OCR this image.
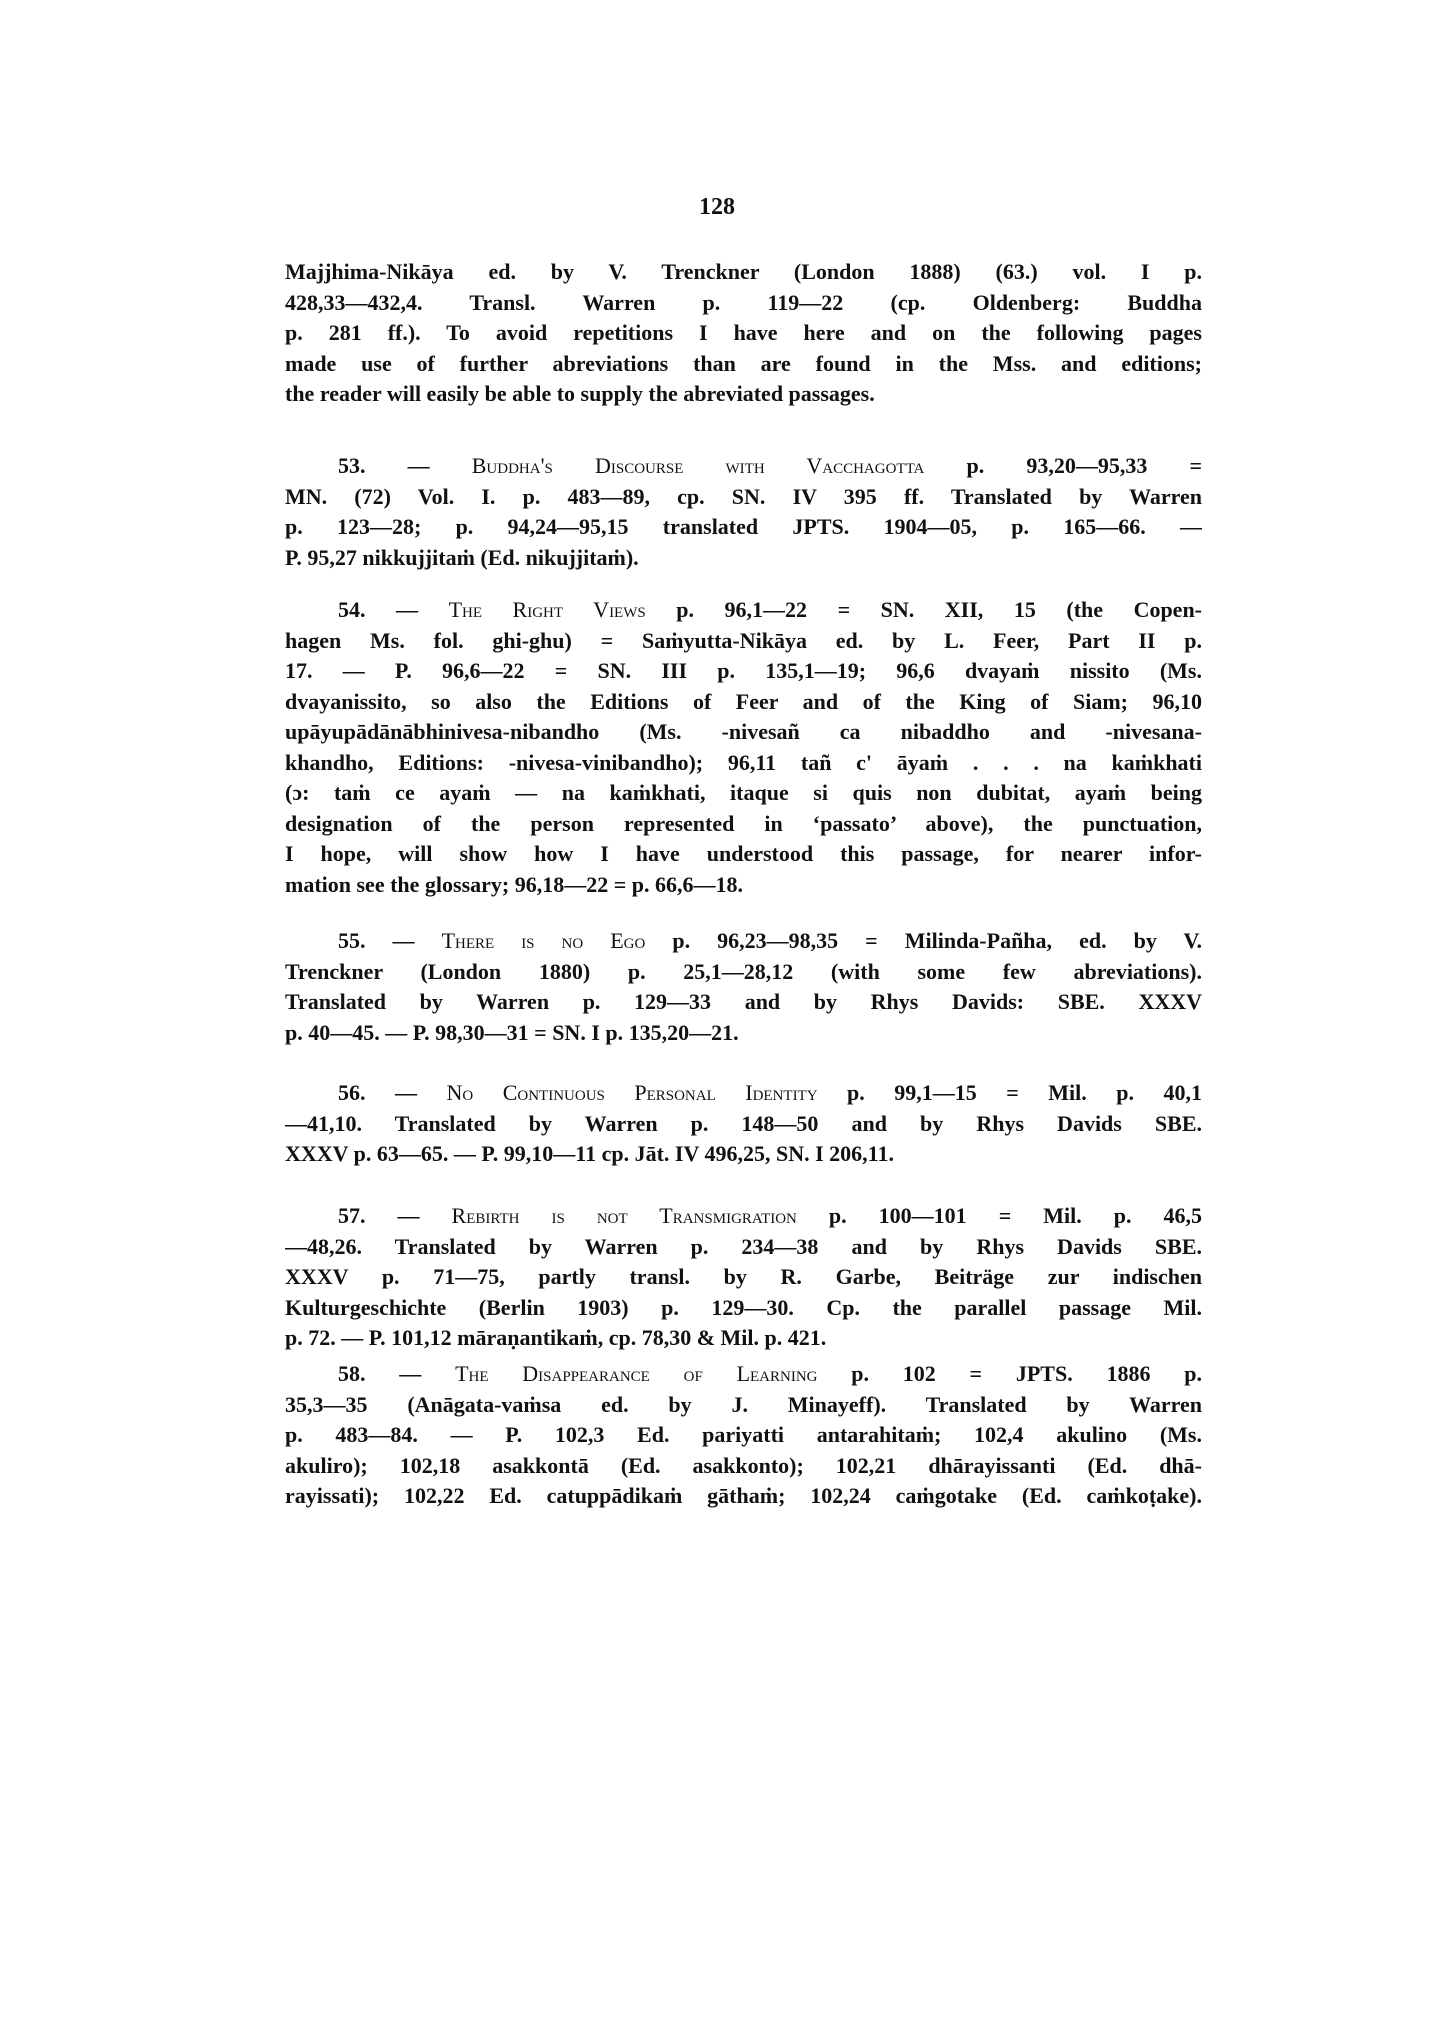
128
Majjhima-Nikāya ed. by V. Trenckner (London 1888) (63.) vol. I p.
428,33—432,4. Transl. Warren p. 119—22 (cp. Oldenberg: Buddha
p. 281 ff.). To avoid repetitions I have here and on the following pages
made use of further abreviations than are found in the Mss. and editions;
the reader will easily be able to supply the abreviated passages.
53. — Buddha's Discourse with Vacchagotta p. 93,20—95,33 =
MN. (72) Vol. I. p. 483—89, cp. SN. IV 395 ff. Translated by Warren
p. 123—28; p. 94,24—95,15 translated JPTS. 1904—05, p. 165—66. —
P. 95,27 nikkujjitaṁ (Ed. nikujjitaṁ).
54. — The Right Views p. 96,1—22 = SN. XII, 15 (the Copen-
hagen Ms. fol. ghi-ghu) = Saṁyutta-Nikāya ed. by L. Feer, Part II p.
17. — P. 96,6—22 = SN. III p. 135,1—19; 96,6 dvayaṁ nissito (Ms.
dvayanissito, so also the Editions of Feer and of the King of Siam; 96,10
upāyupādānābhinivesa-nibandho (Ms. -nivesañ ca nibaddho and -nivesana-
khandho, Editions: -nivesa-vinibandho); 96,11 tañ c' āyaṁ . . . na kaṁkhati
(ɔ: taṁ ce ayaṁ — na kaṁkhati, itaque si quis non dubitat, ayaṁ being
designation of the person represented in ‘passato’ above), the punctuation,
I hope, will show how I have understood this passage, for nearer infor-
mation see the glossary; 96,18—22 = p. 66,6—18.
55. — There is no Ego p. 96,23—98,35 = Milinda-Pañha, ed. by V.
Trenckner (London 1880) p. 25,1—28,12 (with some few abreviations).
Translated by Warren p. 129—33 and by Rhys Davids: SBE. XXXV
p. 40—45. — P. 98,30—31 = SN. I p. 135,20—21.
56. — No Continuous Personal Identity p. 99,1—15 = Mil. p. 40,1
—41,10. Translated by Warren p. 148—50 and by Rhys Davids SBE.
XXXV p. 63—65. — P. 99,10—11 cp. Jāt. IV 496,25, SN. I 206,11.
57. — Rebirth is not Transmigration p. 100—101 = Mil. p. 46,5
—48,26. Translated by Warren p. 234—38 and by Rhys Davids SBE.
XXXV p. 71—75, partly transl. by R. Garbe, Beiträge zur indischen
Kulturgeschichte (Berlin 1903) p. 129—30. Cp. the parallel passage Mil.
p. 72. — P. 101,12 māraṇantikaṁ, cp. 78,30 & Mil. p. 421.
58. — The Disappearance of Learning p. 102 = JPTS. 1886 p.
35,3—35 (Anāgata-vaṁsa ed. by J. Minayeff). Translated by Warren
p. 483—84. — P. 102,3 Ed. pariyatti antarahitaṁ; 102,4 akulino (Ms.
akuliro); 102,18 asakkontā (Ed. asakkonto); 102,21 dhārayissanti (Ed. dhā-
rayissati); 102,22 Ed. catuppādikaṁ gāthaṁ; 102,24 caṁgotake (Ed. caṁkoṭake).
